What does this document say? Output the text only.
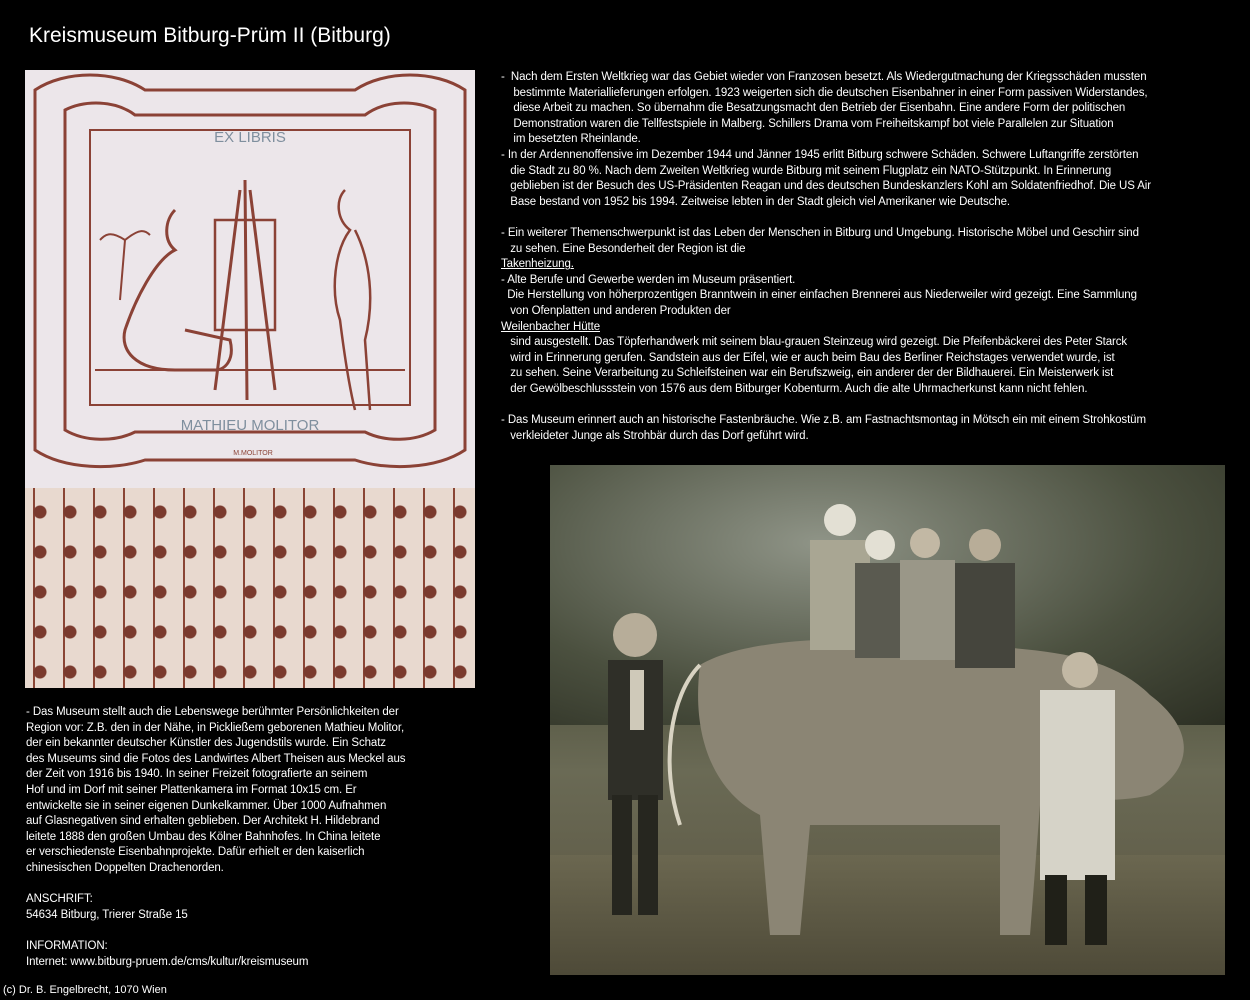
Kreismuseum Bitburg-Prüm II (Bitburg)
EX LIBRIS
MATHIEU MOLITOR
M.MOLITOR

-  Nach dem Ersten Weltkrieg war das Gebiet wieder von Franzosen besetzt. Als Wiedergutmachung der Kriegsschäden mussten

bestimmte Materiallieferungen erfolgen. 1923 weigerten sich die deutschen Eisenbahner in einer Form passiven Widerstandes,

diese Arbeit zu machen. So übernahm die Besatzungsmacht den Betrieb der Eisenbahn. Eine andere Form der politischen

Demonstration waren die Tellfestspiele in Malberg. Schillers Drama vom Freiheitskampf bot viele Parallelen zur Situation

im besetzten Rheinlande.

- In der Ardennenoffensive im Dezember 1944 und Jänner 1945 erlitt Bitburg schwere Schäden. Schwere Luftangriffe zerstörten

die Stadt zu 80 %. Nach dem Zweiten Weltkrieg wurde Bitburg mit seinem Flugplatz ein NATO-Stützpunkt. In Erinnerung

geblieben ist der Besuch des US-Präsidenten Reagan und des deutschen Bundeskanzlers Kohl am Soldatenfriedhof. Die US Air

Base bestand von 1952 bis 1994. Zeitweise lebten in der Stadt gleich viel Amerikaner wie Deutsche.

- Ein weiterer Themenschwerpunkt ist das Leben der Menschen in Bitburg und Umgebung. Historische Möbel und Geschirr sind

zu sehen. Eine Besonderheit der Region ist die

Takenheizung.

- Alte Berufe und Gewerbe werden im Museum präsentiert.

Die Herstellung von höherprozentigen Branntwein in einer einfachen Brennerei aus Niederweiler wird gezeigt. Eine Sammlung

von Ofenplatten und anderen Produkten der

Weilenbacher Hütte

sind ausgestellt. Das Töpferhandwerk mit seinem blau-grauen Steinzeug wird gezeigt. Die Pfeifenbäckerei des Peter Starck

wird in Erinnerung gerufen. Sandstein aus der Eifel, wie er auch beim Bau des Berliner Reichstages verwendet wurde, ist

zu sehen. Seine Verarbeitung zu Schleifsteinen war ein Berufszweig, ein anderer der der Bildhauerei. Ein Meisterwerk ist

der Gewölbeschlussstein von 1576 aus dem Bitburger Kobenturm. Auch die alte Uhrmacherkunst kann nicht fehlen.

- Das Museum erinnert auch an historische Fastenbräuche. Wie z.B. am Fastnachtsmontag in Mötsch ein mit einem Strohkostüm

verkleideter Junge als Strohbär durch das Dorf geführt wird.

- Das Museum stellt auch die Lebenswege berühmter Persönlichkeiten der

Region vor: Z.B. den in der Nähe, in Pickließem geborenen Mathieu Molitor,

der ein bekannter deutscher Künstler des Jugendstils wurde. Ein Schatz

des Museums sind die Fotos des Landwirtes Albert Theisen aus Meckel aus

der Zeit von 1916 bis 1940. In seiner Freizeit fotografierte an seinem

Hof und im Dorf mit seiner Plattenkamera im Format 10x15 cm. Er

entwickelte sie in seiner eigenen Dunkelkammer. Über 1000 Aufnahmen

auf Glasnegativen sind erhalten geblieben. Der Architekt H. Hildebrand

leitete 1888 den großen Umbau des Kölner Bahnhofes. In China leitete

er verschiedenste Eisenbahnprojekte. Dafür erhielt er den kaiserlich

chinesischen Doppelten Drachenorden.

ANSCHRIFT:

54634 Bitburg, Trierer Straße 15

INFORMATION:

Internet: www.bitburg-pruem.de/cms/kultur/kreismuseum

(c) Dr. B. Engelbrecht, 1070 Wien
